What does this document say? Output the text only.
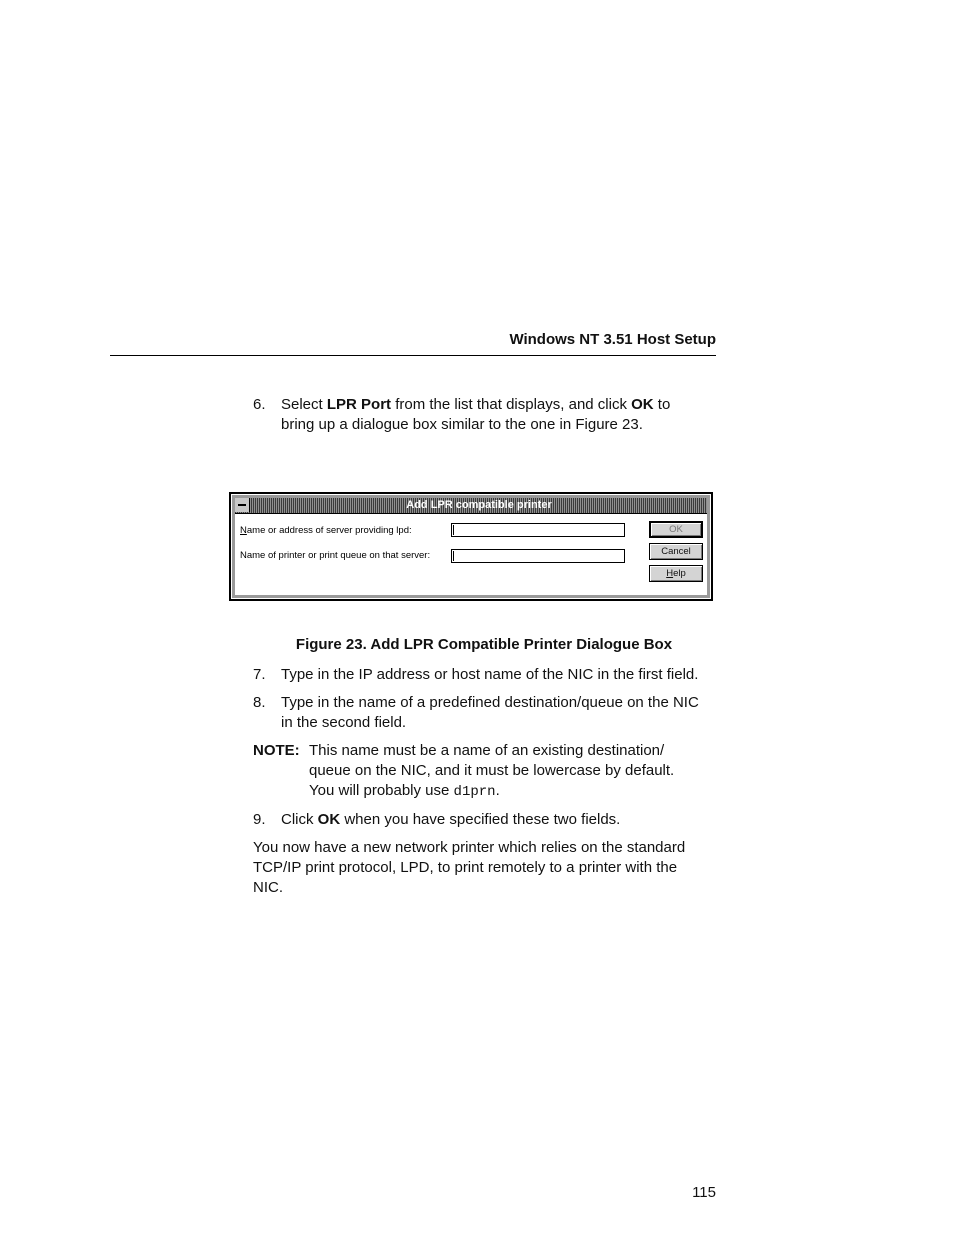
Windows NT 3.51 Host Setup
6.	Select LPR Port from the list that displays, and click OK to
bring up a dialogue box similar to the one in Figure 23.
Add LPR compatible printer
Name or address of server providing lpd:
Name of printer or print queue on that server:
OK
Cancel
Help
Figure 23. Add LPR Compatible Printer Dialogue Box
7.	Type in the IP address or host name of the NIC in the first field.
8.	Type in the name of a predefined destination/queue on the NIC
in the second field.
NOTE: This name must be a name of an existing destination/
queue on the NIC, and it must be lowercase by default.
You will probably use d1prn.
9.	Click OK when you have specified these two fields.
You now have a new network printer which relies on the standard
TCP/IP print protocol, LPD, to print remotely to a printer with the
NIC.
115
